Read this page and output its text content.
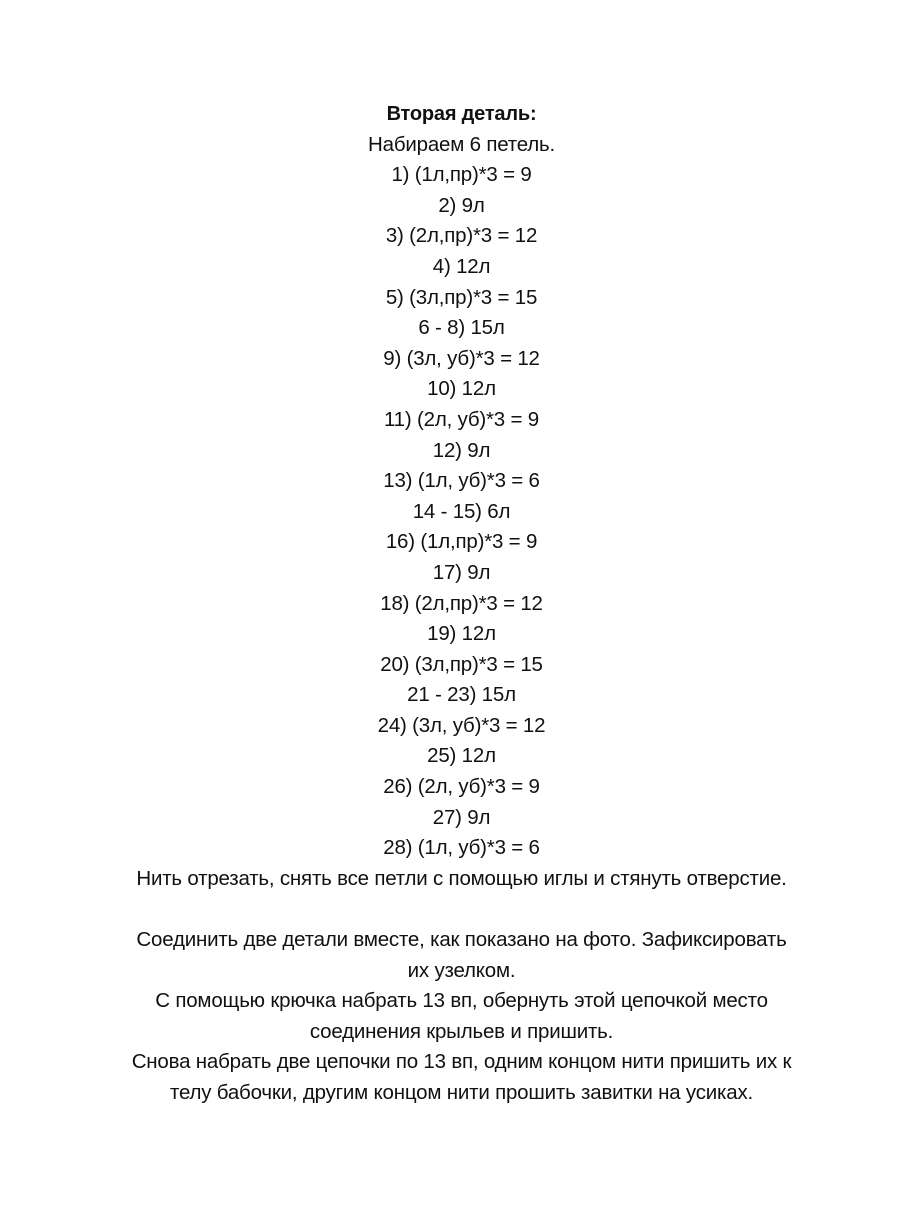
Вторая деталь:
Набираем 6 петель.
1) (1л,пр)*3 = 9
2) 9л
3) (2л,пр)*3 = 12
4) 12л
5) (3л,пр)*3 = 15
6 - 8) 15л
9) (3л, уб)*3 = 12
10) 12л
11) (2л, уб)*3 = 9
12) 9л
13) (1л, уб)*3 = 6
14 - 15) 6л
16) (1л,пр)*3 = 9
17) 9л
18) (2л,пр)*3 = 12
19) 12л
20) (3л,пр)*3 = 15
21 - 23) 15л
24) (3л, уб)*3 = 12
25) 12л
26) (2л, уб)*3 = 9
27) 9л
28) (1л, уб)*3 = 6
Нить отрезать, снять все петли с помощью иглы и стянуть отверстие.
Соединить две детали вместе, как показано на фото. Зафиксировать
их узелком.
С помощью крючка набрать 13 вп, обернуть этой цепочкой место
соединения крыльев и пришить.
Снова набрать две цепочки по 13 вп, одним концом нити пришить их к
телу бабочки, другим концом нити прошить завитки на усиках.
